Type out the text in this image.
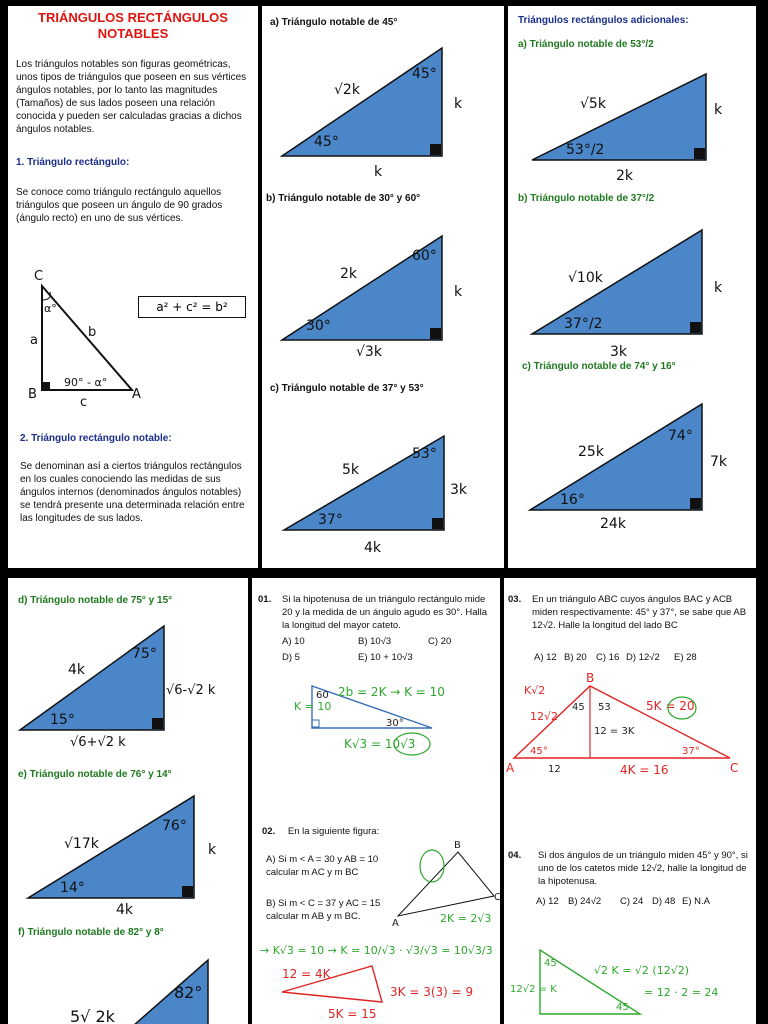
TRIÁNGULOS RECTÁNGULOS
NOTABLES

Los triángulos notables son figuras geométricas, unos tipos de triángulos que poseen en sus vértices ángulos notables, por lo tanto las magnitudes (Tamaños) de sus lados poseen una relación conocida y pueden ser calculadas gracias a dichos ángulos notables.

1. Triángulo rectángulo:

Se conoce como triángulo rectángulo aquellos triángulos que poseen un ángulo de 90 grados (ángulo recto) en uno de sus vértices.

C
B	A
a
b
c
α°
90° - α°
a² + c² = b²

2. Triángulo rectángulo notable:

Se denominan así a ciertos triángulos rectángulos en los cuales conociendo las medidas de sus ángulos internos (denominados ángulos notables) se tendrá presente una determinada relación entre las longitudes de sus lados.

a) Triángulo notable de 45°

√2k
45°
45°
k
k

b) Triángulo notable de 30° y 60°

2k
60°
30°
k
√3k

c) Triángulo notable de 37° y 53°

5k
53°
37°
3k
4k

Triángulos rectángulos adicionales:

a) Triángulo notable de 53°/2

√5k
53°/2
k
2k

b) Triángulo notable de 37°/2

√10k
37°/2
k
3k

c) Triángulo notable de 74° y 16°

25k
74°
16°
7k
24k

d) Triángulo notable de 75° y 15°

4k
75°
15°
√6-√2 k
√6+√2 k

e) Triángulo notable de 76° y 14°

√17k
76°
14°
k
4k

f) Triángulo notable de 82° y 8°

82°
5√ 2k
01. Si la hipotenusa de un triángulo rectángulo mide 20 y la medida de un ángulo agudo es 30°. Halla la longitud del mayor cateto.
A) 10	B) 10√3	C) 20
D) 5	E) 10 + 10√3
60
30°
2b = 2K → K = 10
K = 10
K√3 = 10√3
02. En la siguiente figura:

A) Si m < A = 30 y AB = 10 calcular m AC y m BC

B) Si m < C = 37 y AC = 15 calcular m AB y m BC.

A
B
C
2K = 2√3
→ K√3 = 10 → K = 10/√3 · √3/√3 = 10√3/3
12 = 4K
3K = 3(3) = 9
5K = 15
03. En un triángulo ABC cuyos ángulos BAC y ACB miden respectivamente: 45° y 37°, se sabe que AB 12√2. Halle la longitud del lado BC
A) 12 B) 20 C) 16 D) 12√2 E) 28
B
A	C
K√2
12√2
45°
45 53
12 = 3K
5K = 20
37°
12	4K = 16
04. Si dos ángulos de un triángulo miden 45° y 90°, si uno de los catetos mide 12√2, halle la longitud de la hipotenusa.
A) 12 B) 24√2 C) 24 D) 48 E) N.A
45
45
12√2 = K
√2 K = √2 (12√2)
= 12 · 2 = 24
